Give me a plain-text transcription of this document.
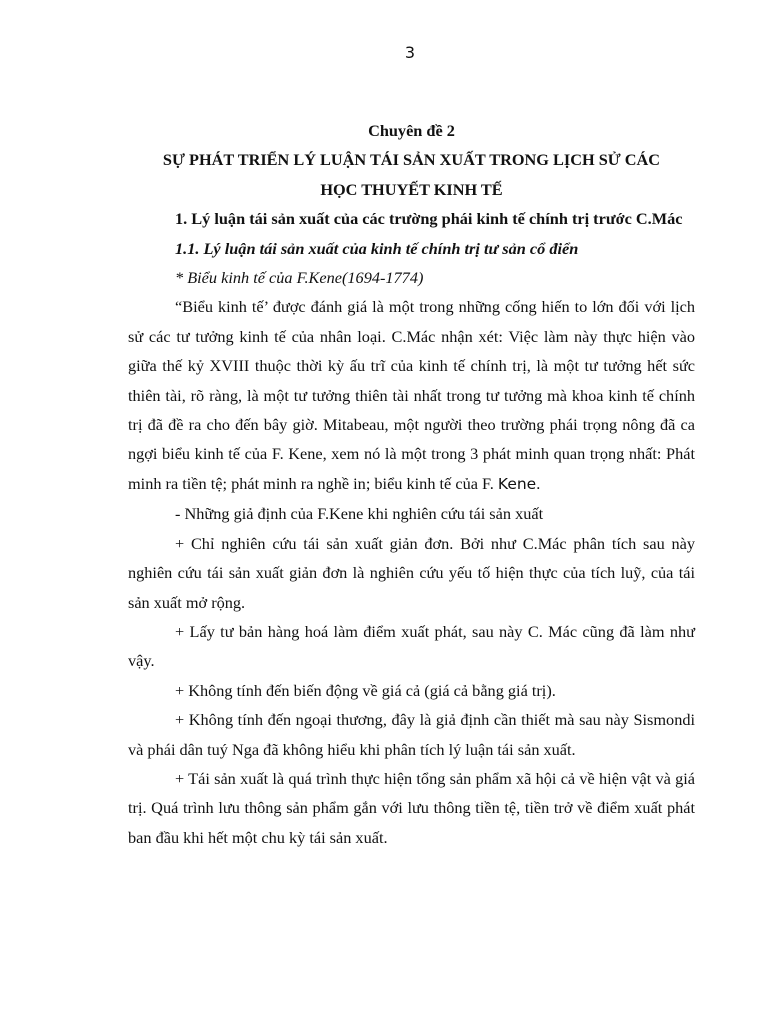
3
Chuyên đề 2
SỰ PHÁT TRIỂN LÝ LUẬN TÁI SẢN XUẤT TRONG LỊCH SỬ CÁC
HỌC THUYẾT KINH TẾ

1. Lý luận tái sản xuất của các trường phái kinh tế chính trị trước C.Mác

1.1. Lý luận tái sản xuất của kinh tế chính trị tư sản cổ điển

* Biểu kinh tế của F.Kene(1694-1774)

“Biểu kinh tế’ được đánh giá là một trong những cống hiến to lớn đối với lịch sử các tư tưởng kinh tế của nhân loại. C.Mác nhận xét: Việc làm này thực hiện vào giữa thế kỷ XVIII thuộc thời kỳ ấu trĩ của kinh tế chính trị, là một tư tưởng hết sức thiên tài, rõ ràng, là một tư tưởng thiên tài nhất trong tư tưởng mà khoa kinh tế chính trị đã đề ra cho đến bây giờ. Mitabeau, một người theo trường phái trọng nông đã ca ngợi biểu kinh tế của F. Kene, xem nó là một trong 3 phát minh quan trọng nhất: Phát minh ra tiền tệ; phát minh ra nghề in; biểu kinh tế của F. Kene.

- Những giả định của F.Kene khi nghiên cứu tái sản xuất

+ Chỉ nghiên cứu tái sản xuất giản đơn. Bởi như C.Mác phân tích sau này nghiên cứu tái sản xuất giản đơn là nghiên cứu yếu tố hiện thực của tích luỹ, của tái sản xuất mở rộng.

+ Lấy tư bản hàng hoá làm điểm xuất phát, sau này C. Mác cũng đã làm như vậy.

+ Không tính đến biến động về giá cả (giá cả bằng giá trị).

+ Không tính đến ngoại thương, đây là giả định cần thiết mà sau này Sismondi và phái dân tuý Nga đã không hiểu khi phân tích lý luận tái sản xuất.

+ Tái sản xuất là quá trình thực hiện tổng sản phẩm xã hội cả về hiện vật và giá trị. Quá trình lưu thông sản phẩm gắn với lưu thông tiền tệ, tiền trở về điểm xuất phát ban đầu khi hết một chu kỳ tái sản xuất.
